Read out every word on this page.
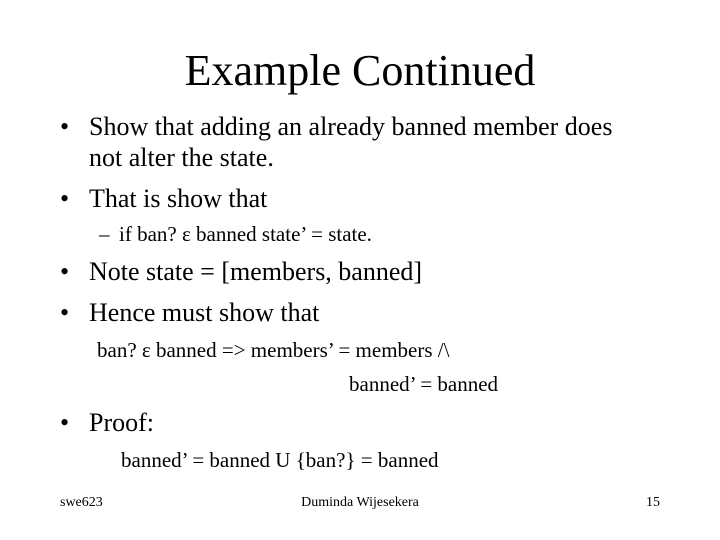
Example Continued
• Show that adding an already banned member does
not alter the state.
• That is show that
– if ban? ε banned state’ = state.
• Note state = [members, banned]
• Hence must show that
ban? ε banned => members’ = members /\
banned’ = banned
• Proof:
banned’ = banned U {ban?} = banned
swe623	Duminda Wijesekera	15
